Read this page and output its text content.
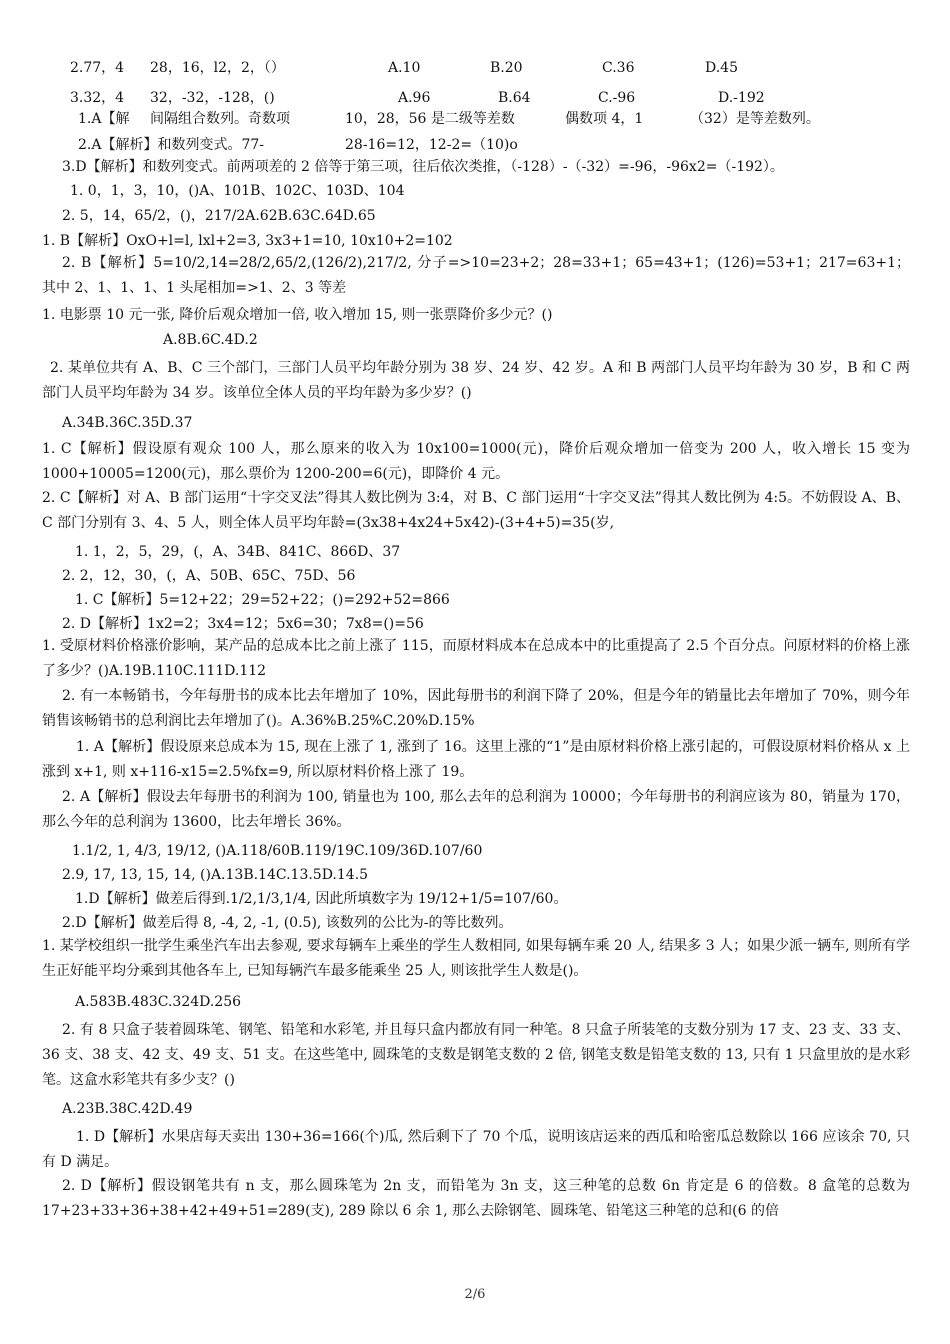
2.77，4 28，16，l2，2，（）	A.10	B.20	C.36	D.45
3.32，4 32，-32，-128，()	A.96	B.64	C.-96	D.-192
1.A【解 间隔组合数列。奇数项	10，28，56 是二级等差数	偶数项 4，1	（32）是等差数列。
2.A【解析】和数列变式。77-	28-16=12，12-2=（10)o
3.D【解析】和数列变式。前两项差的 2 倍等于第三项，往后依次类推，（-128）-（-32）=-96，-96x2=（-192）。
1. 0，1，3，10，()A、101B、102C、103D、104
2. 5，14，65/2，()，217/2A.62B.63C.64D.65
1. B【解析】OxO+l=l, lxl+2=3, 3x3+1=10, 10x10+2=102
2. B【解析】5=10/2,14=28/2,65/2,(126/2),217/2, 分子=>10=23+2；28=33+1；65=43+1；(126)=53+1；217=63+1；其中 2、1、1、1、1 头尾相加=>1、2、3 等差
1. 电影票 10 元一张, 降价后观众增加一倍, 收入增加 15, 则一张票降价多少元？()
A.8B.6C.4D.2
2. 某单位共有 A、B、C 三个部门，三部门人员平均年龄分别为 38 岁、24 岁、42 岁。A 和 B 两部门人员平均年龄为 30 岁，B 和 C 两部门人员平均年龄为 34 岁。该单位全体人员的平均年龄为多少岁？()
A.34B.36C.35D.37
1. C【解析】假设原有观众 100 人，那么原来的收入为 10x100=1000(元)，降价后观众增加一倍变为 200 人，收入增长 15 变为 1000+10005=1200(元)，那么票价为 1200-200=6(元)，即降价 4 元。
2. C【解析】对 A、B 部门运用“十字交叉法”得其人数比例为 3:4，对 B、C 部门运用“十字交叉法”得其人数比例为 4:5。不妨假设 A、B、C 部门分别有 3、4、5 人，则全体人员平均年龄=(3x38+4x24+5x42)-(3+4+5)=35(岁,
1. 1，2，5，29，(，A、34B、841C、866D、37
2. 2，12，30，(，A、50B、65C、75D、56
1. C【解析】5=12+22；29=52+22；()=292+52=866
2. D【解析】1x2=2；3x4=12；5x6=30；7x8=()=56
1. 受原材料价格涨价影响，某产品的总成本比之前上涨了 115，而原材料成本在总成本中的比重提高了 2.5 个百分点。问原材料的价格上涨了多少？()A.19B.110C.111D.112
2. 有一本畅销书，今年每册书的成本比去年增加了 10%，因此每册书的利润下降了 20%，但是今年的销量比去年增加了 70%，则今年销售该畅销书的总利润比去年增加了()。A.36%B.25%C.20%D.15%
1. A【解析】假设原来总成本为 15, 现在上涨了 1, 涨到了 16。这里上涨的“1”是由原材料价格上涨引起的，可假设原材料价格从 x 上涨到 x+1, 则 x+116-x15=2.5%fx=9, 所以原材料价格上涨了 19。
2. A【解析】假设去年每册书的利润为 100, 销量也为 100, 那么去年的总利润为 10000；今年每册书的利润应该为 80，销量为 170，那么今年的总利润为 13600，比去年增长 36%。
1.1/2, 1, 4/3, 19/12, ()A.118/60B.119/19C.109/36D.107/60
2.9, 17, 13, 15, 14, ()A.13B.14C.13.5D.14.5
1.D【解析】做差后得到.1/2,1/3,1/4, 因此所填数字为 19/12+1/5=107/60。
2.D【解析】做差后得 8, -4, 2, -1, (0.5), 该数列的公比为-的等比数列。
1. 某学校组织一批学生乘坐汽车出去参观, 要求每辆车上乘坐的学生人数相同, 如果每辆车乘 20 人, 结果多 3 人；如果少派一辆车, 则所有学生正好能平均分乘到其他各车上, 已知每辆汽车最多能乘坐 25 人, 则该批学生人数是()。
A.583B.483C.324D.256
2. 有 8 只盒子装着圆珠笔、钢笔、铅笔和水彩笔, 并且每只盒内都放有同一种笔。8 只盒子所装笔的支数分别为 17 支、23 支、33 支、36 支、38 支、42 支、49 支、51 支。在这些笔中, 圆珠笔的支数是钢笔支数的 2 倍, 钢笔支数是铅笔支数的 13, 只有 1 只盒里放的是水彩笔。这盒水彩笔共有多少支？()
A.23B.38C.42D.49
1. D【解析】水果店每天卖出 130+36=166(个)瓜, 然后剩下了 70 个瓜，说明该店运来的西瓜和哈密瓜总数除以 166 应该余 70, 只有 D 满足。
2. D【解析】假设钢笔共有 n 支，那么圆珠笔为 2n 支，而铅笔为 3n 支，这三种笔的总数 6n 肯定是 6 的倍数。8 盒笔的总数为 17+23+33+36+38+42+49+51=289(支), 289 除以 6 余 1, 那么去除钢笔、圆珠笔、铅笔这三种笔的总和(6 的倍
2/6
